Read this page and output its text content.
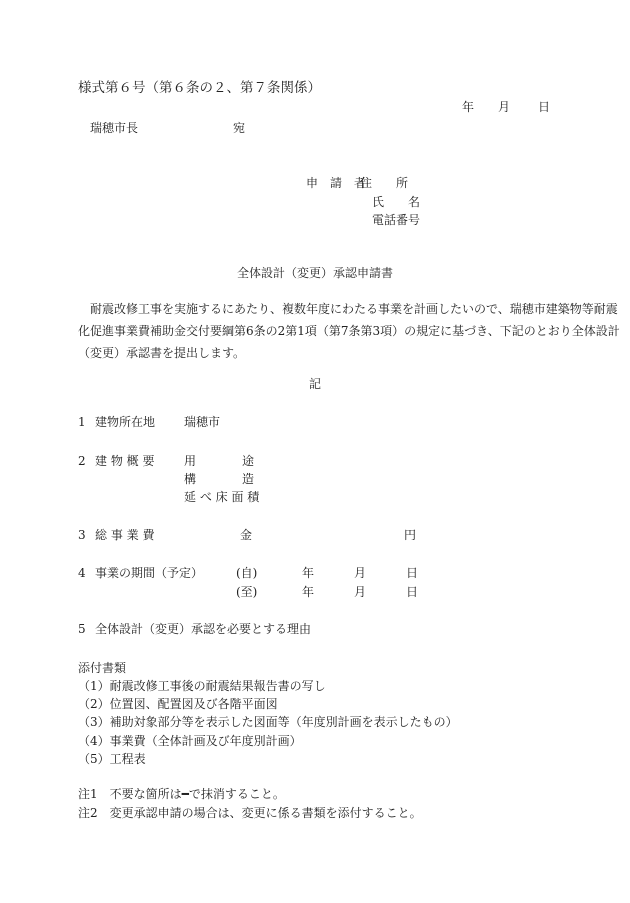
様式第６号（第６条の２、第７条関係）
年 月 日
瑞穂市長	宛
申　請　者
住　　所
氏　　名
電話番号
全体設計（変更）承認申請書

　耐震改修工事を実施するにあたり、複数年度にわたる事業を計画したいので、瑞穂市建築物等耐震

化促進事業費補助金交付要綱第6条の2第1項（第7条第3項）の規定に基づき、下記のとおり全体設計

（変更）承認書を提出します。

記
1 建物所在地 瑞穂市
2 建 物 概 要 用	途
構	造
延 べ 床 面 積
3 総 事 業 費	金	円
4 事業の期間（予定）	(自)	年	月	日
(至)	年	月	日
5 全体設計（変更）承認を必要とする理由
添付書類
（1）耐震改修工事後の耐震結果報告書の写し
（2）位置図、配置図及び各階平面図
（3）補助対象部分等を表示した図面等（年度別計画を表示したもの）
（4）事業費（全体計画及び年度別計画）
（5）工程表
注1　不要な箇所は━で抹消すること。
注2　変更承認申請の場合は、変更に係る書類を添付すること。
